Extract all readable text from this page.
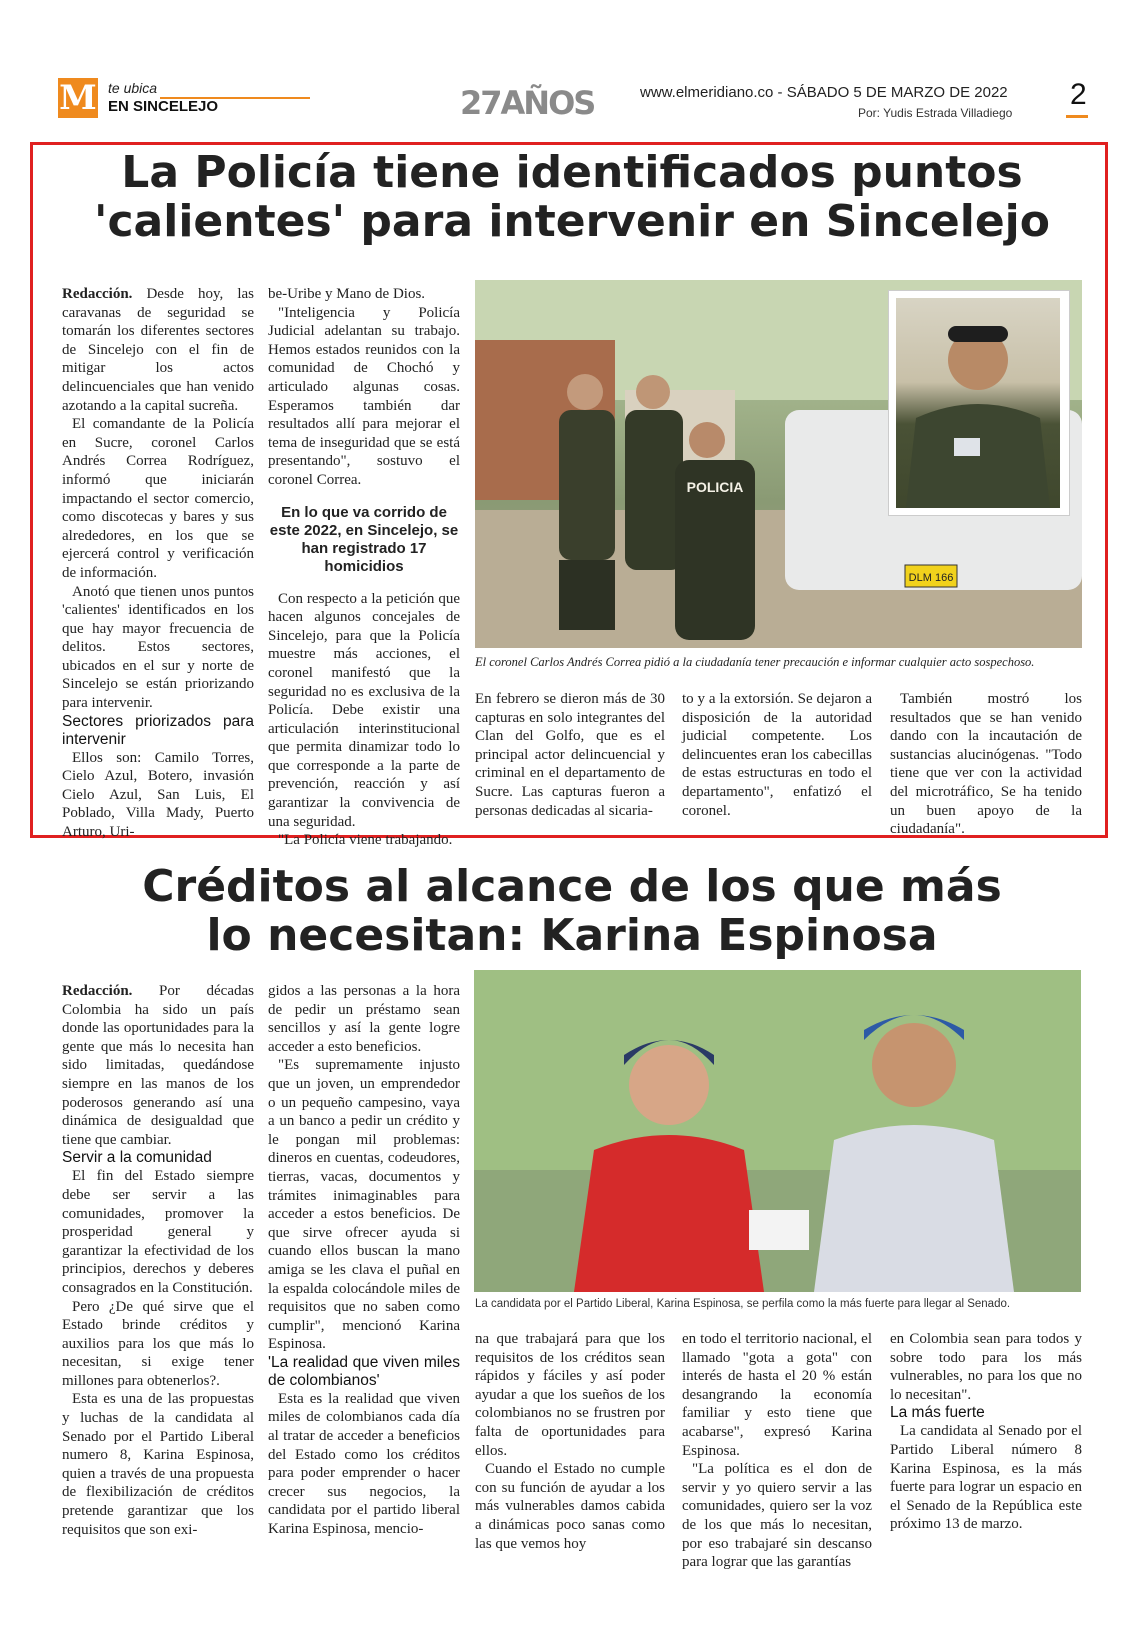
M te ubica
EN SINCELEJO	27AÑOS	www.elmeridiano.co - SÁBADO 5 DE MARZO DE 2022
Por: Yudis Estrada Villadiego
2
La Policía tiene identificados puntos
'calientes' para intervenir en Sincelejo

Redacción. Desde hoy, las caravanas de seguridad se tomarán los diferentes sectores de Sincelejo con el fin de mitigar los actos delincuenciales que han venido azotando a la capital sucreña.

El comandante de la Policía en Sucre, coronel Carlos Andrés Correa Rodríguez, informó que iniciarán impactando el sector comercio, como discotecas y bares y sus alrededores, en los que se ejercerá control y verificación de información.

Anotó que tienen unos puntos 'calientes' identificados en los que hay mayor frecuencia de delitos. Estos sectores, ubicados en el sur y norte de Sincelejo se están priorizando para intervenir.

Sectores priorizados para intervenir

Ellos son: Camilo Torres, Cielo Azul, Botero, invasión Cielo Azul, San Luis, El Poblado, Villa Mady, Puerto Arturo, Uri-

be-Uribe y Mano de Dios.

"Inteligencia y Policía Judicial adelantan su trabajo. Hemos estados reunidos con la comunidad de Chochó y articulado algunas cosas. Esperamos también dar resultados allí para mejorar el tema de inseguridad que se está presentando", sostuvo el coronel Correa.

En lo que va corrido de este 2022, en Sincelejo, se han registrado 17 homicidios

Con respecto a la petición que hacen algunos concejales de Sincelejo, para que la Policía muestre más acciones, el coronel manifestó que la seguridad no es exclusiva de la Policía. Debe existir una articulación interinstitucional que permita dinamizar todo lo que corresponde a la parte de prevención, reacción y así garantizar la convivencia de una seguridad.

"La Policía viene trabajando.

DLM 166
POLICIA
El coronel Carlos Andrés Correa pidió a la ciudadanía tener precaución e informar cualquier acto sospechoso.

En febrero se dieron más de 30 capturas en solo integrantes del Clan del Golfo, que es el principal actor delincuencial y criminal en el departamento de Sucre. Las capturas fueron a personas dedicadas al sicaria-

to y a la extorsión. Se dejaron a disposición de la autoridad judicial competente. Los delincuentes eran los cabecillas de estas estructuras en todo el departamento", enfatizó el coronel.

También mostró los resultados que se han venido dando con la incautación de sustancias alucinógenas. "Todo tiene que ver con la actividad del microtráfico, Se ha tenido un buen apoyo de la ciudadanía".

Créditos al alcance de los que más
lo necesitan: Karina Espinosa

Redacción. Por décadas Colombia ha sido un país donde las oportunidades para la gente que más lo necesita han sido limitadas, quedándose siempre en las manos de los poderosos generando así una dinámica de desigualdad que tiene que cambiar.

Servir a la comunidad

El fin del Estado siempre debe ser servir a las comunidades, promover la prosperidad general y garantizar la efectividad de los principios, derechos y deberes consagrados en la Constitución.

Pero ¿De qué sirve que el Estado brinde créditos y auxilios para los que más lo necesitan, si exige tener millones para obtenerlos?.

Esta es una de las propuestas y luchas de la candidata al Senado por el Partido Liberal numero 8, Karina Espinosa, quien a través de una propuesta de flexibilización de créditos pretende garantizar que los requisitos que son exi-

gidos a las personas a la hora de pedir un préstamo sean sencillos y así la gente logre acceder a esto beneficios.

"Es supremamente injusto que un joven, un emprendedor o un pequeño campesino, vaya a un banco a pedir un crédito y le pongan mil problemas: dineros en cuentas, codeudores, tierras, vacas, documentos y trámites inimaginables para acceder a estos beneficios. De que sirve ofrecer ayuda si cuando ellos buscan la mano amiga se les clava el puñal en la espalda colocándole miles de requisitos que no saben como cumplir", mencionó Karina Espinosa.

'La realidad que viven miles de colombianos'

Esta es la realidad que viven miles de colombianos cada día al tratar de acceder a beneficios del Estado como los créditos para poder emprender o hacer crecer sus negocios, la candidata por el partido liberal Karina Espinosa, mencio-

La candidata por el Partido Liberal, Karina Espinosa, se perfila como la más fuerte para llegar al Senado.

na que trabajará para que los requisitos de los créditos sean rápidos y fáciles y así poder ayudar a que los sueños de los colombianos no se frustren por falta de oportunidades para ellos.

Cuando el Estado no cumple con su función de ayudar a los más vulnerables damos cabida a dinámicas poco sanas como las que vemos hoy

en todo el territorio nacional, el llamado "gota a gota" con interés de hasta el 20 % están desangrando la economía familiar y esto tiene que acabarse", expresó Karina Espinosa.

"La política es el don de servir y yo quiero servir a las comunidades, quiero ser la voz de los que más lo necesitan, por eso trabajaré sin descanso para lograr que las garantías

en Colombia sean para todos y sobre todo para los más vulnerables, no para los que no lo necesitan".

La más fuerte

La candidata al Senado por el Partido Liberal número 8 Karina Espinosa, es la más fuerte para lograr un espacio en el Senado de la República este próximo 13 de marzo.
